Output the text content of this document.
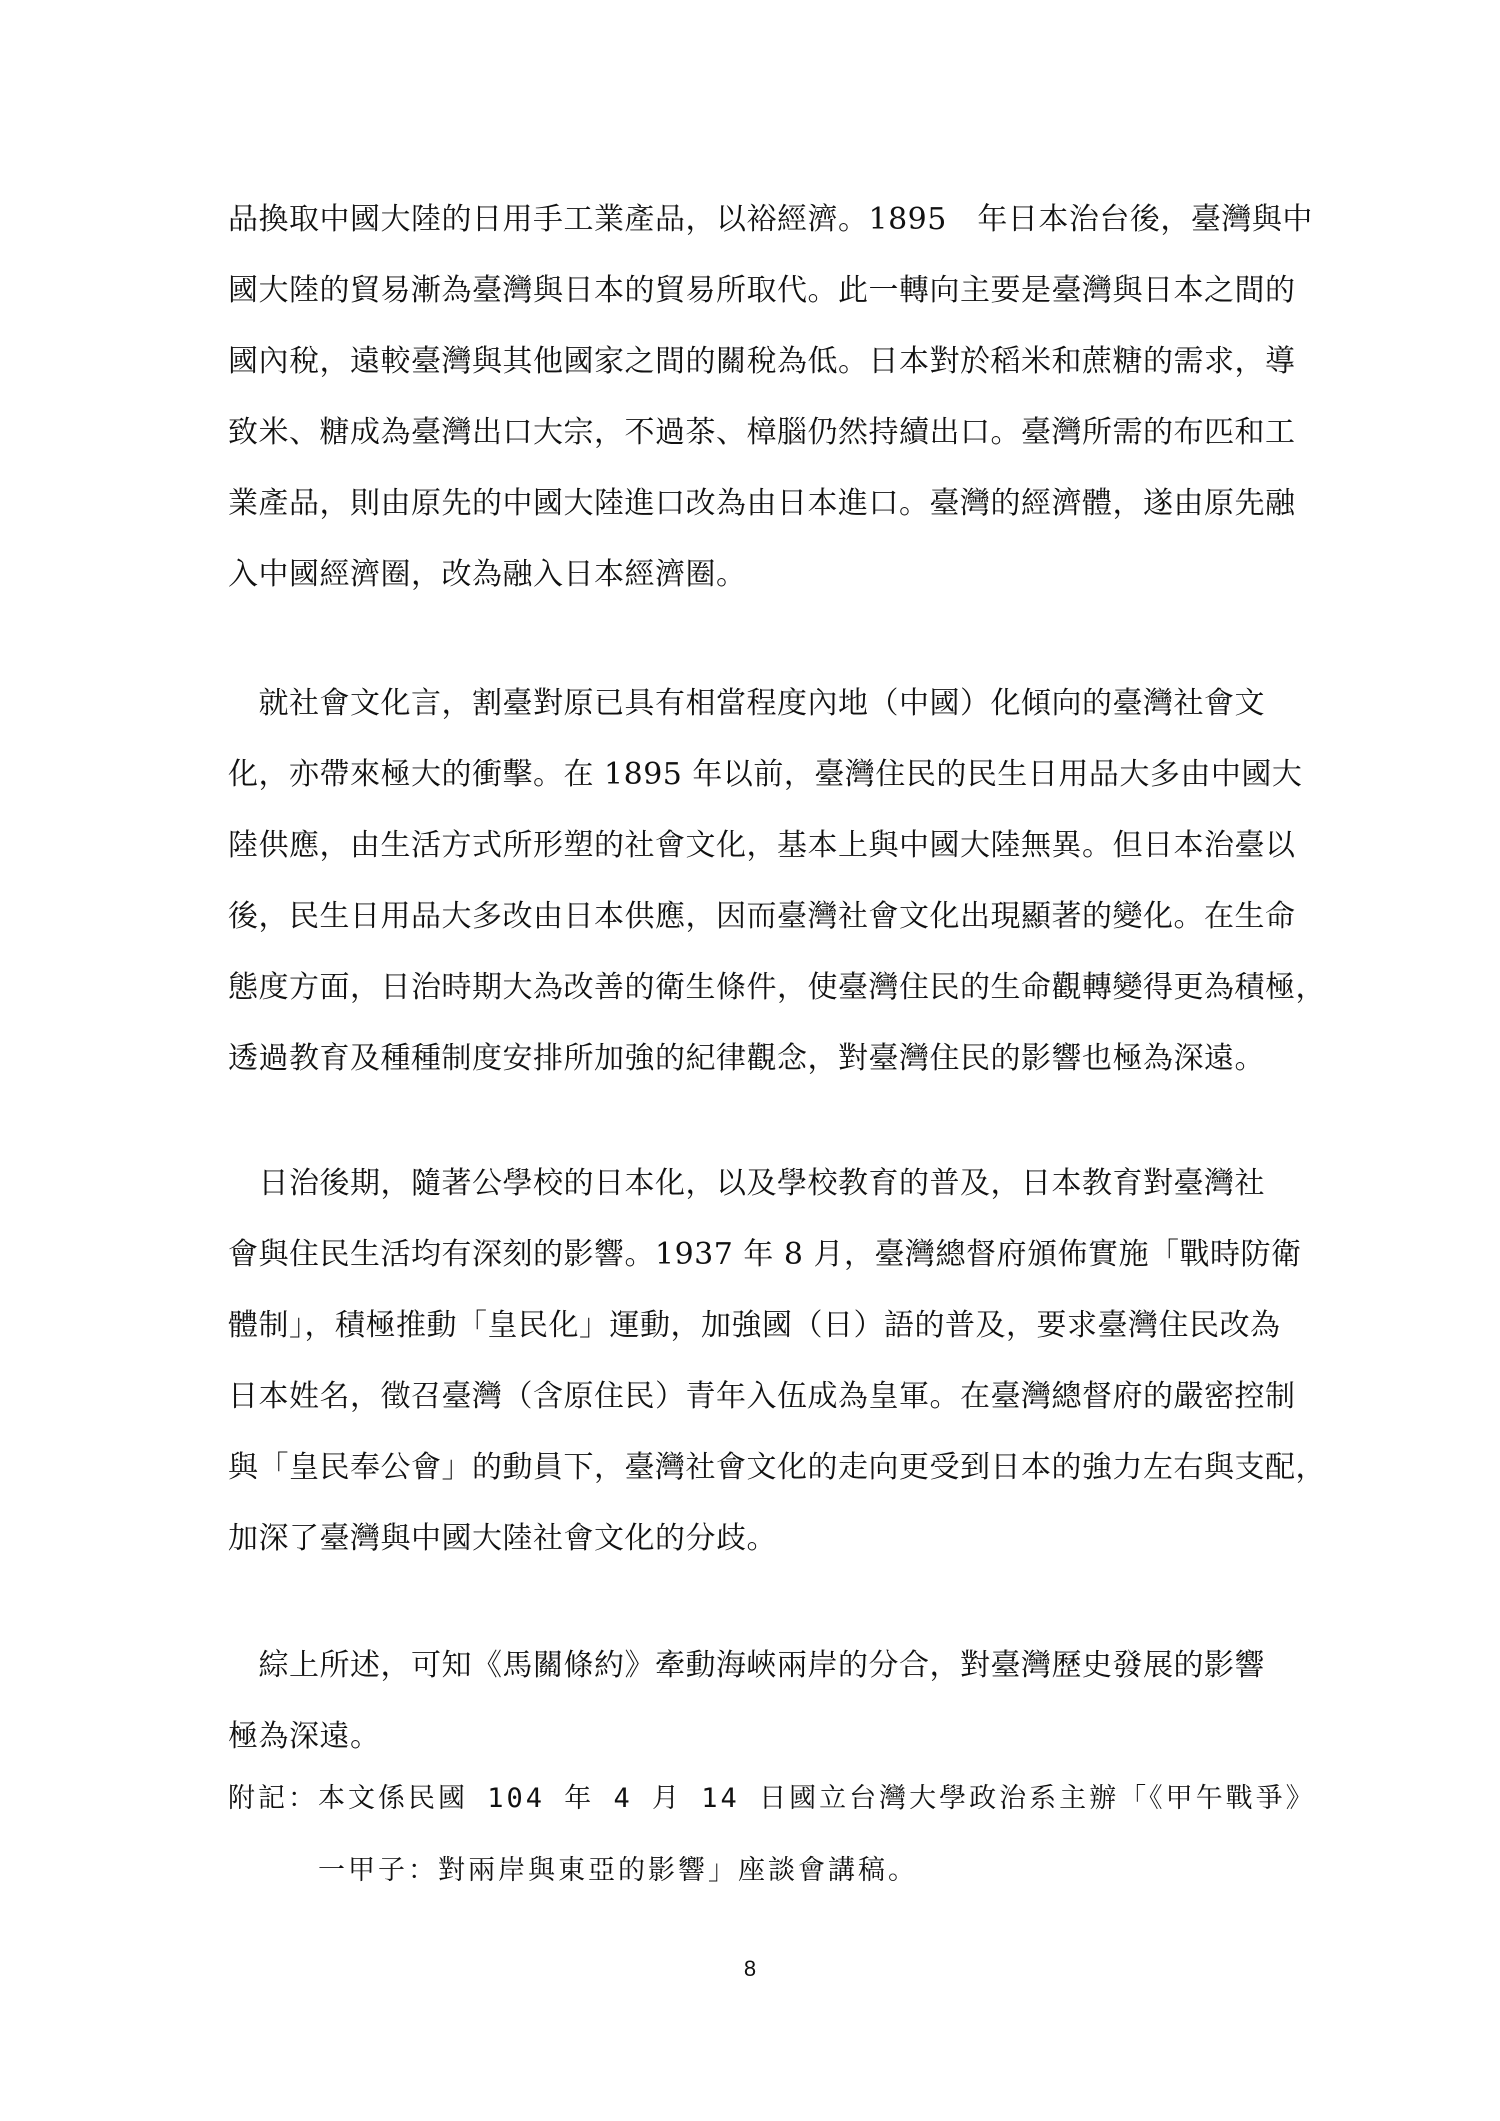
品換取中國大陸的日用手工業產品，以裕經濟。1895　年日本治台後，臺灣與中
國大陸的貿易漸為臺灣與日本的貿易所取代。此一轉向主要是臺灣與日本之間的
國內稅，遠較臺灣與其他國家之間的關稅為低。日本對於稻米和蔗糖的需求，導
致米、糖成為臺灣出口大宗，不過茶、樟腦仍然持續出口。臺灣所需的布匹和工
業產品，則由原先的中國大陸進口改為由日本進口。臺灣的經濟體，遂由原先融
入中國經濟圈，改為融入日本經濟圈。
　就社會文化言，割臺對原已具有相當程度內地（中國）化傾向的臺灣社會文
化，亦帶來極大的衝擊。在 1895 年以前，臺灣住民的民生日用品大多由中國大
陸供應，由生活方式所形塑的社會文化，基本上與中國大陸無異。但日本治臺以
後，民生日用品大多改由日本供應，因而臺灣社會文化出現顯著的變化。在生命
態度方面，日治時期大為改善的衛生條件，使臺灣住民的生命觀轉變得更為積極，
透過教育及種種制度安排所加強的紀律觀念，對臺灣住民的影響也極為深遠。
　日治後期，隨著公學校的日本化，以及學校教育的普及，日本教育對臺灣社
會與住民生活均有深刻的影響。1937 年 8 月，臺灣總督府頒佈實施「戰時防衛
體制」，積極推動「皇民化」運動，加強國（日）語的普及，要求臺灣住民改為
日本姓名，徵召臺灣（含原住民）青年入伍成為皇軍。在臺灣總督府的嚴密控制
與「皇民奉公會」的動員下，臺灣社會文化的走向更受到日本的強力左右與支配，
加深了臺灣與中國大陸社會文化的分歧。
　綜上所述，可知《馬關條約》牽動海峽兩岸的分合，對臺灣歷史發展的影響
極為深遠。

附記：本文係民國 104 年 4 月 14 日國立台灣大學政治系主辦「《甲午戰爭》

一甲子：對兩岸與東亞的影響」座談會講稿。

8
